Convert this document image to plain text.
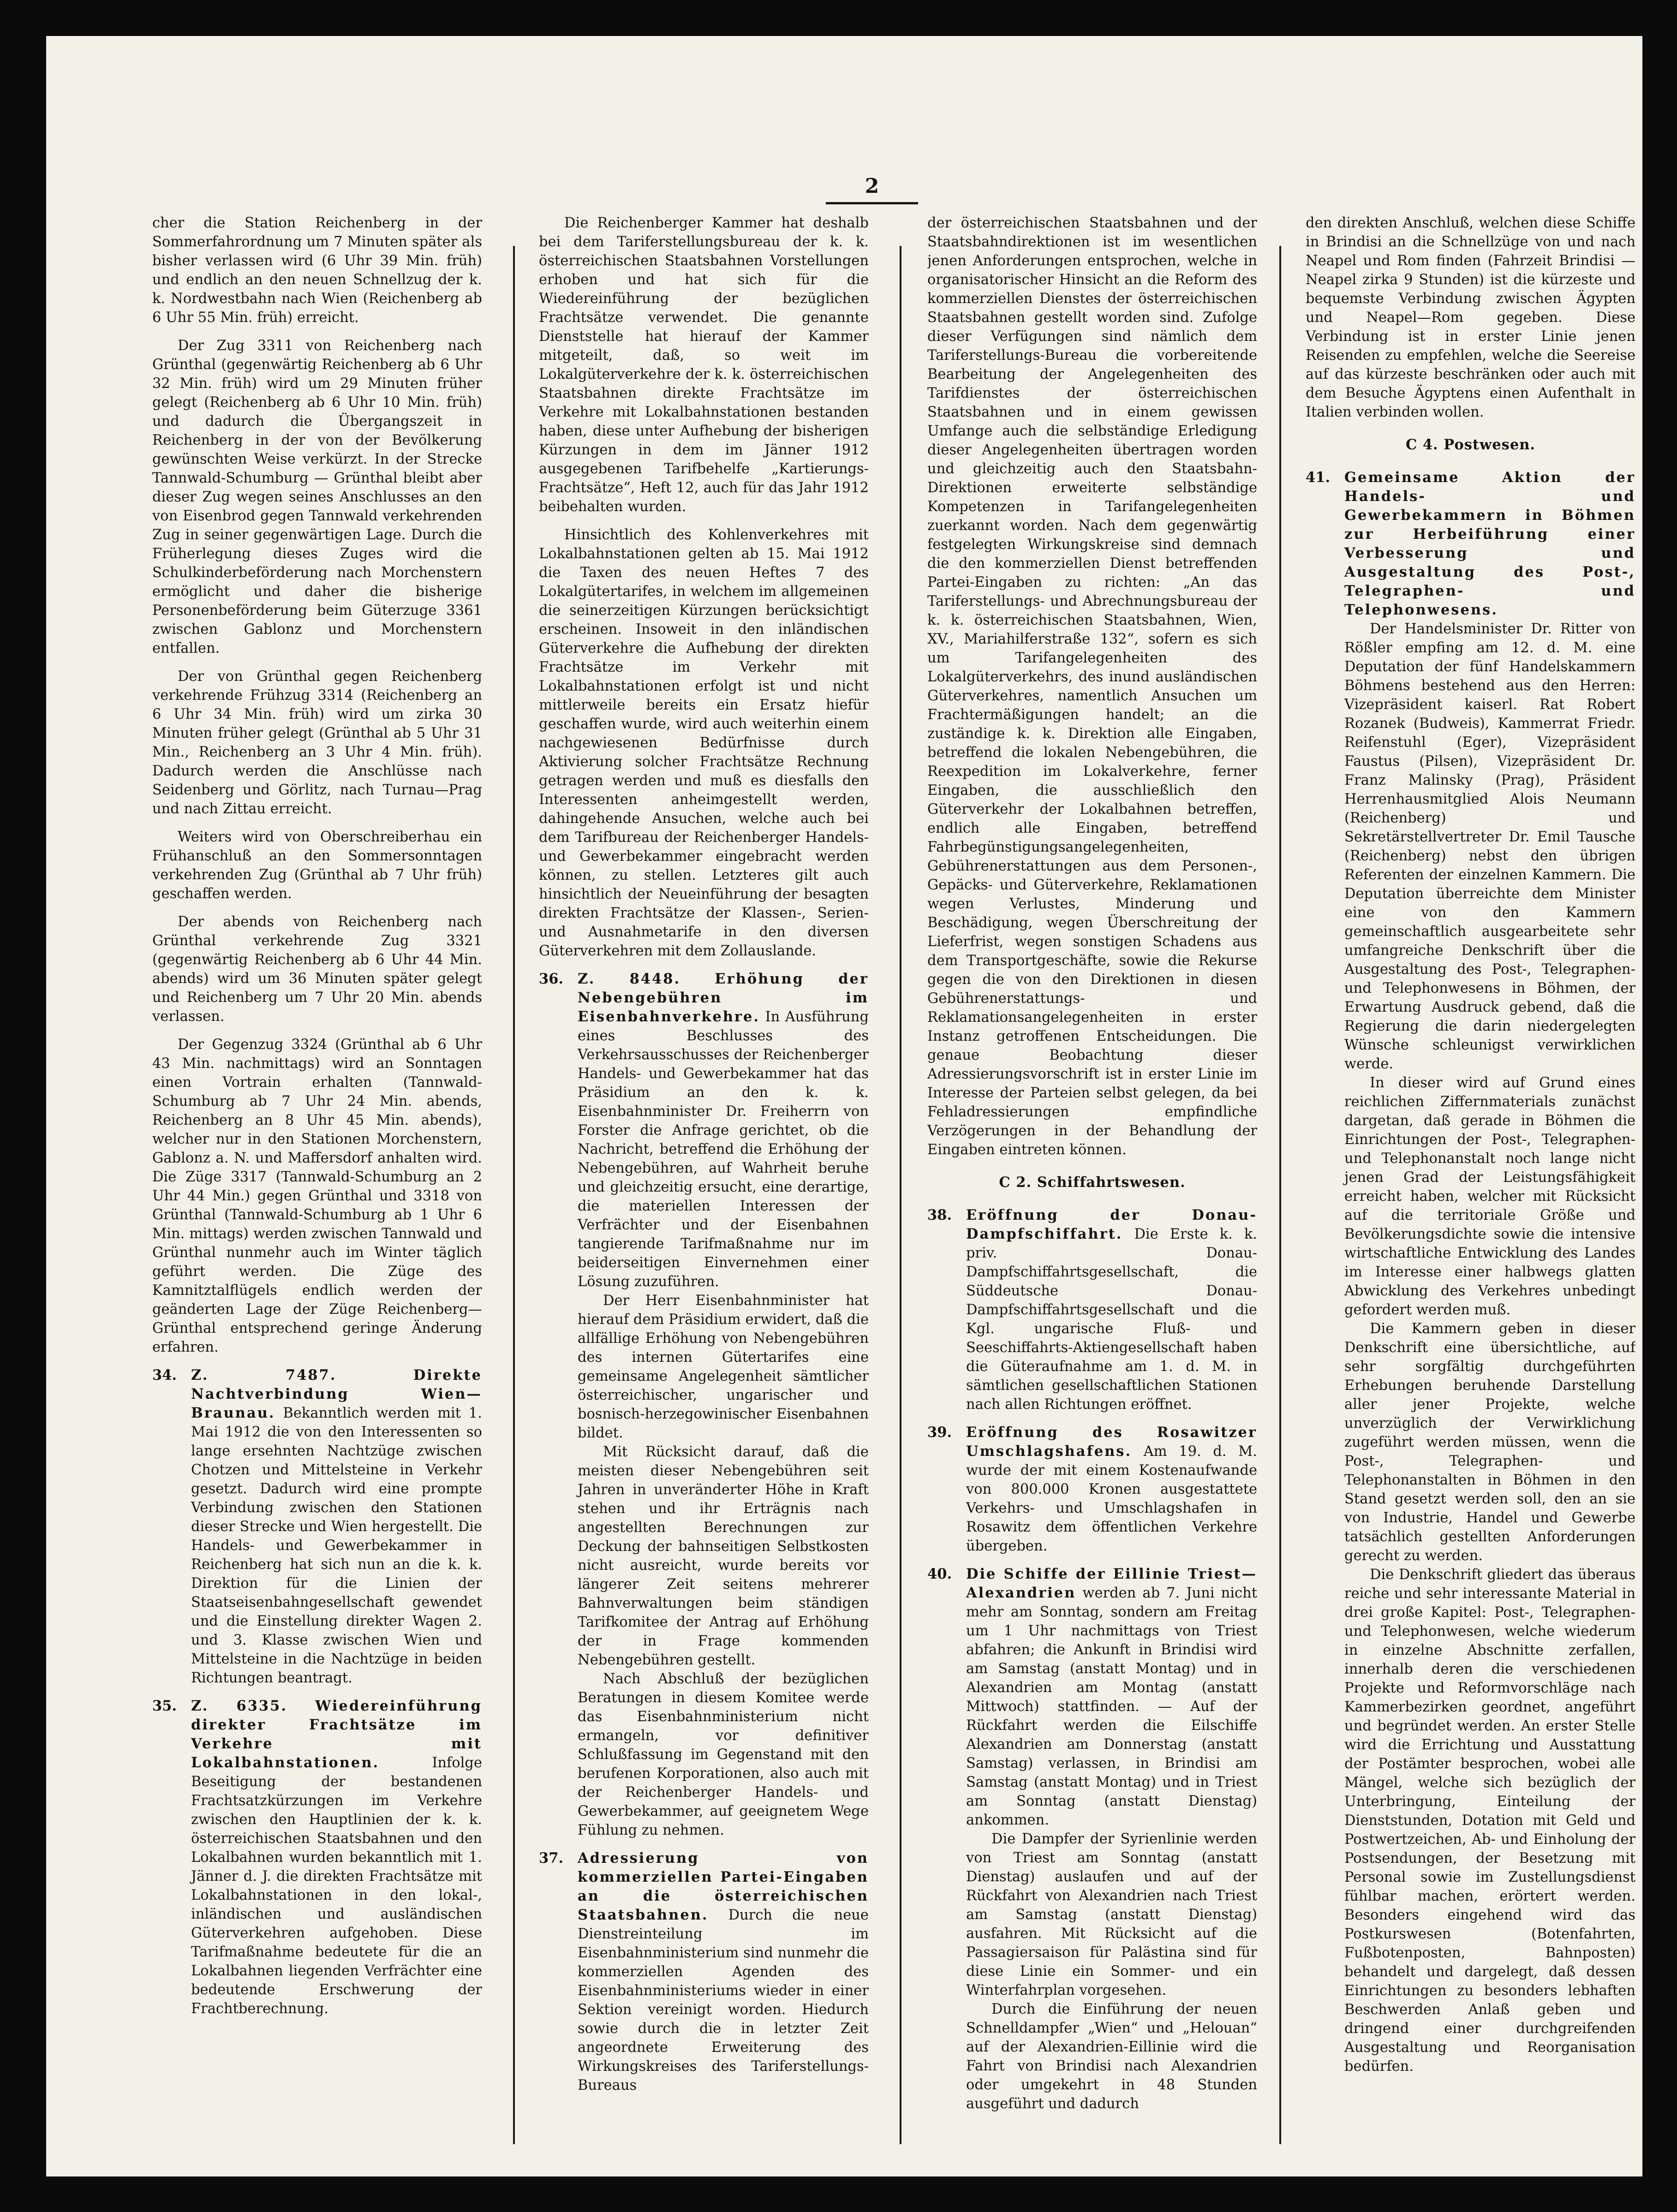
2

cher die Station Reichenberg in der Sommerfahrordnung um 7 Minuten später als bisher verlassen wird (6 Uhr 39 Min. früh) und endlich an den neuen Schnellzug der k. k. Nordwestbahn nach Wien (Reichenberg ab 6 Uhr 55 Min. früh) erreicht.

Der Zug 3311 von Reichenberg nach Grünthal (gegenwärtig Reichenberg ab 6 Uhr 32 Min. früh) wird um 29 Minuten früher gelegt (Reichenberg ab 6 Uhr 10 Min. früh) und dadurch die Übergangszeit in Reichenberg in der von der Bevölkerung gewünschten Weise verkürzt. In der Strecke Tannwald-Schumburg — Grünthal bleibt aber dieser Zug wegen seines Anschlusses an den von Eisenbrod gegen Tannwald verkehrenden Zug in seiner gegenwärtigen Lage. Durch die Früherlegung dieses Zuges wird die Schulkinderbeförderung nach Morchenstern ermöglicht und daher die bisherige Personenbeförderung beim Güterzuge 3361 zwischen Gablonz und Morchenstern entfallen.

Der von Grünthal gegen Reichenberg verkehrende Frühzug 3314 (Reichenberg an 6 Uhr 34 Min. früh) wird um zirka 30 Minuten früher gelegt (Grünthal ab 5 Uhr 31 Min., Reichenberg an 3 Uhr 4 Min. früh). Dadurch werden die Anschlüsse nach Seidenberg und Görlitz, nach Turnau—Prag und nach Zittau erreicht.

Weiters wird von Oberschreiberhau ein Frühanschluß an den Sommersonntagen verkehrenden Zug (Grünthal ab 7 Uhr früh) geschaffen werden.

Der abends von Reichenberg nach Grünthal verkehrende Zug 3321 (gegenwärtig Reichenberg ab 6 Uhr 44 Min. abends) wird um 36 Minuten später gelegt und Reichenberg um 7 Uhr 20 Min. abends verlassen.

Der Gegenzug 3324 (Grünthal ab 6 Uhr 43 Min. nachmittags) wird an Sonntagen einen Vortrain erhalten (Tannwald-Schumburg ab 7 Uhr 24 Min. abends, Reichenberg an 8 Uhr 45 Min. abends), welcher nur in den Stationen Morchenstern, Gablonz a. N. und Maffersdorf anhalten wird. Die Züge 3317 (Tannwald-Schumburg an 2 Uhr 44 Min.) gegen Grünthal und 3318 von Grünthal (Tannwald-Schumburg ab 1 Uhr 6 Min. mittags) werden zwischen Tannwald und Grünthal nunmehr auch im Winter täglich geführt werden. Die Züge des Kamnitztalflügels endlich werden der geänderten Lage der Züge Reichenberg—Grünthal entsprechend geringe Änderung erfahren.

34.	Z. 7487. Direkte Nachtverbindung Wien—Braunau. Bekanntlich werden mit 1. Mai 1912 die von den Interessenten so lange ersehnten Nachtzüge zwischen Chotzen und Mittelsteine in Verkehr gesetzt. Dadurch wird eine prompte Verbindung zwischen den Stationen dieser Strecke und Wien hergestellt. Die Handels- und Gewerbekammer in Reichenberg hat sich nun an die k. k. Direktion für die Linien der Staatseisenbahngesellschaft gewendet und die Einstellung direkter Wagen 2. und 3. Klasse zwischen Wien und Mittelsteine in die Nachtzüge in beiden Richtungen beantragt.

35.	Z. 6335. Wiedereinführung direkter Frachtsätze im Verkehre mit Lokalbahnstationen.	Infolge Beseitigung der bestandenen Frachtsatzkürzungen im Verkehre zwischen den Hauptlinien der k. k. österreichischen Staatsbahnen und den Lokalbahnen wurden bekanntlich mit 1. Jänner d. J. die direkten Frachtsätze mit Lokalbahnstationen in den lokal-, inländischen und ausländischen Güterverkehren aufgehoben. Diese Tarifmaßnahme bedeutete für die an Lokalbahnen liegenden Verfrächter eine bedeutende Erschwerung der Frachtberechnung.

Die Reichenberger Kammer hat deshalb bei dem Tariferstellungsbureau der k. k. österreichischen Staatsbahnen Vorstellungen erhoben und hat sich für die Wiedereinführung der bezüglichen Frachtsätze verwendet. Die genannte Dienststelle hat hierauf der Kammer mitgeteilt, daß, so weit im Lokalgüterverkehre der k. k. österreichischen Staatsbahnen direkte Frachtsätze im Verkehre mit Lokalbahnstationen bestanden haben, diese unter Aufhebung der bisherigen Kürzungen in dem im Jänner 1912 ausgegebenen Tarifbehelfe „Kartierungs-Frachtsätze“, Heft 12, auch für das Jahr 1912 beibehalten wurden.

Hinsichtlich des Kohlenverkehres mit Lokalbahnstationen gelten ab 15. Mai 1912 die Taxen des neuen Heftes 7 des Lokalgütertarifes, in welchem im allgemeinen die seinerzeitigen Kürzungen berücksichtigt erscheinen. Insoweit in den inländischen Güterverkehre die Aufhebung der direkten Frachtsätze im Verkehr mit Lokalbahnstationen erfolgt ist und nicht mittlerweile bereits ein Ersatz hiefür geschaffen wurde, wird auch weiterhin einem nachgewiesenen Bedürfnisse durch Aktivierung solcher Frachtsätze Rechnung getragen werden und muß es diesfalls den Interessenten anheimgestellt werden, dahingehende Ansuchen, welche auch bei dem Tarifbureau der Reichenberger Handels- und Gewerbekammer eingebracht werden können, zu stellen. Letzteres gilt auch hinsichtlich der Neueinführung der besagten direkten Frachtsätze der Klassen-, Serien- und Ausnahmetarife in den diversen Güterverkehren mit dem Zollauslande.

36.	Z. 8448. Erhöhung der Nebengebühren im Eisenbahnverkehre. In Ausführung eines Beschlusses des Verkehrsausschusses der Reichenberger Handels- und Gewerbekammer hat das Präsidium an den k. k. Eisenbahnminister Dr. Freiherrn von Forster die Anfrage gerichtet, ob die Nachricht, betreffend die Erhöhung der Nebengebühren, auf Wahrheit beruhe und gleichzeitig ersucht, eine derartige, die materiellen Interessen der Verfrächter und der Eisenbahnen tangierende Tarifmaßnahme nur im beiderseitigen Einvernehmen einer Lösung zuzuführen.

Der Herr Eisenbahnminister hat hierauf dem Präsidium erwidert, daß die allfällige Erhöhung von Nebengebühren des internen Gütertarifes eine gemeinsame Angelegenheit sämtlicher österreichischer, ungarischer und bosnisch-herzegowinischer Eisenbahnen bildet.

Mit Rücksicht darauf, daß die meisten dieser Nebengebühren seit Jahren in unveränderter Höhe in Kraft stehen und ihr Erträgnis nach angestellten Berechnungen zur Deckung der bahnseitigen Selbstkosten nicht ausreicht, wurde bereits vor längerer Zeit seitens mehrerer Bahnverwaltungen beim ständigen Tarifkomitee der Antrag auf Erhöhung der in Frage kommenden Nebengebühren gestellt.

Nach Abschluß der bezüglichen Beratungen in diesem Komitee werde das Eisenbahnministerium nicht ermangeln, vor definitiver Schlußfassung im Gegenstand mit den berufenen Korporationen, also auch mit der Reichenberger Handels- und Gewerbekammer, auf geeignetem Wege Fühlung zu nehmen.

37.	Adressierung von kommerziellen Partei-Eingaben an die österreichischen Staatsbahnen. Durch die neue Dienstreinteilung im Eisenbahnministerium sind nunmehr die kommerziellen Agenden des Eisenbahnministeriums wieder in einer Sektion vereinigt worden. Hiedurch sowie durch die in letzter Zeit angeordnete Erweiterung des Wirkungskreises des Tariferstellungs-Bureaus

der österreichischen Staatsbahnen und der Staatsbahndirektionen ist im wesentlichen jenen Anforderungen entsprochen, welche in organisatorischer Hinsicht an die Reform des kommerziellen Dienstes der österreichischen Staatsbahnen gestellt worden sind. Zufolge dieser Verfügungen sind nämlich dem Tariferstellungs-Bureau die vorbereitende Bearbeitung der Angelegenheiten des Tarifdienstes der österreichischen Staatsbahnen und in einem gewissen Umfange auch die selbständige Erledigung dieser Angelegenheiten übertragen worden und gleichzeitig auch den Staatsbahn-Direktionen erweiterte selbständige Kompetenzen in Tarifangelegenheiten zuerkannt worden. Nach dem gegenwärtig festgelegten Wirkungskreise sind demnach die den kommerziellen Dienst betreffenden Partei-Eingaben zu richten: „An das Tariferstellungs- und Abrechnungsbureau der k. k. österreichischen Staatsbahnen, Wien, XV., Mariahilferstraße 132“, sofern es sich um Tarifangelegenheiten des Lokalgüterverkehrs, des inund ausländischen Güterverkehres, namentlich Ansuchen um Frachtermäßigungen handelt; an die zuständige k. k. Direktion alle Eingaben, betreffend die lokalen Nebengebühren, die Reexpedition im Lokalverkehre, ferner Eingaben, die ausschließlich den Güterverkehr der Lokalbahnen betreffen, endlich alle Eingaben, betreffend Fahrbegünstigungsangelegenheiten, Gebührenerstattungen aus dem Personen-, Gepäcks- und Güterverkehre, Reklamationen wegen Verlustes, Minderung und Beschädigung, wegen Überschreitung der Lieferfrist, wegen sonstigen Schadens aus dem Transportgeschäfte, sowie die Rekurse gegen die von den Direktionen in diesen Gebührenerstattungs- und Reklamationsangelegenheiten in erster Instanz getroffenen Entscheidungen. Die genaue Beobachtung dieser Adressierungsvorschrift ist in erster Linie im Interesse der Parteien selbst gelegen, da bei Fehladressierungen empfindliche Verzögerungen in der Behandlung der Eingaben eintreten können.

C 2. Schiffahrtswesen.
38.	Eröffnung der Donau-Dampfschiffahrt. Die Erste k. k. priv. Donau-Dampfschiffahrtsgesellschaft, die Süddeutsche Donau-Dampfschiffahrtsgesellschaft und die Kgl. ungarische Fluß- und Seeschiffahrts-Aktiengesellschaft haben die Güteraufnahme am 1. d. M. in sämtlichen gesellschaftlichen Stationen nach allen Richtungen eröffnet.

39.	Eröffnung des Rosawitzer Umschlagshafens. Am 19. d. M. wurde der mit einem Kostenaufwande von 800.000 Kronen ausgestattete Verkehrs- und Umschlagshafen in Rosawitz dem öffentlichen Verkehre übergeben.

40.	Die Schiffe der Eillinie Triest—Alexandrien werden ab 7. Juni nicht mehr am Sonntag, sondern am Freitag um 1 Uhr nachmittags von Triest abfahren; die Ankunft in Brindisi wird am Samstag (anstatt Montag) und in Alexandrien am Montag (anstatt Mittwoch) stattfinden. — Auf der Rückfahrt werden die Eilschiffe Alexandrien am Donnerstag (anstatt Samstag) verlassen, in Brindisi am Samstag (anstatt Montag) und in Triest am Sonntag (anstatt Dienstag) ankommen.

Die Dampfer der Syrienlinie werden von Triest am Sonntag (anstatt Dienstag) auslaufen und auf der Rückfahrt von Alexandrien nach Triest am Samstag (anstatt Dienstag) ausfahren. Mit Rücksicht auf die Passagiersaison für Palästina sind für diese Linie ein Sommer- und ein Winterfahrplan vorgesehen.

Durch die Einführung der neuen Schnelldampfer „Wien“ und „Helouan“ auf der Alexandrien-Eillinie wird die Fahrt von Brindisi nach Alexandrien oder umgekehrt in 48 Stunden ausgeführt und dadurch

den direkten Anschluß, welchen diese Schiffe in Brindisi an die Schnellzüge von und nach Neapel und Rom finden (Fahrzeit Brindisi —Neapel zirka 9 Stunden) ist die kürzeste und bequemste Verbindung zwischen Ägypten und Neapel—Rom gegeben. Diese Verbindung ist in erster Linie jenen Reisenden zu empfehlen, welche die Seereise auf das kürzeste beschränken oder auch mit dem Besuche Ägyptens einen Aufenthalt in Italien verbinden wollen.

C 4. Postwesen.
41.	Gemeinsame Aktion der Handels- und Gewerbekammern in Böhmen zur Herbeiführung einer Verbesserung und Ausgestaltung des Post-, Telegraphen- und Telephonwesens.

Der Handelsminister Dr. Ritter von Rößler empfing am 12. d. M. eine Deputation der fünf Handelskammern Böhmens bestehend aus den Herren: Vizepräsident kaiserl. Rat Robert Rozanek (Budweis), Kammerrat Friedr. Reifenstuhl (Eger), Vizepräsident Faustus (Pilsen), Vizepräsident Dr. Franz Malinsky (Prag), Präsident Herrenhausmitglied Alois Neumann (Reichenberg) und Sekretärstellvertreter Dr. Emil Tausche (Reichenberg) nebst den übrigen Referenten der einzelnen Kammern. Die Deputation überreichte dem Minister eine von den Kammern gemeinschaftlich ausgearbeitete sehr umfangreiche Denkschrift über die Ausgestaltung des Post-, Telegraphen- und Telephonwesens in Böhmen, der Erwartung Ausdruck gebend, daß die Regierung die darin niedergelegten Wünsche schleunigst verwirklichen werde.

In dieser wird auf Grund eines reichlichen Ziffernmaterials zunächst dargetan, daß gerade in Böhmen die Einrichtungen der Post-, Telegraphen- und Telephonanstalt noch lange nicht jenen Grad der Leistungsfähigkeit erreicht haben, welcher mit Rücksicht auf die territoriale Größe und Bevölkerungsdichte sowie die intensive wirtschaftliche Entwicklung des Landes im Interesse einer halbwegs glatten Abwicklung des Verkehres unbedingt gefordert werden muß.

Die Kammern geben in dieser Denkschrift eine übersichtliche, auf sehr sorgfältig durchgeführten Erhebungen beruhende Darstellung aller jener Projekte, welche unverzüglich der Verwirklichung zugeführt werden müssen, wenn die Post-, Telegraphen- und Telephonanstalten in Böhmen in den Stand gesetzt werden soll, den an sie von Industrie, Handel und Gewerbe tatsächlich gestellten Anforderungen gerecht zu werden.

Die Denkschrift gliedert das überaus reiche und sehr interessante Material in drei große Kapitel: Post-, Telegraphen- und Telephonwesen, welche wiederum in einzelne Abschnitte zerfallen, innerhalb deren die verschiedenen Projekte und Reformvorschläge nach Kammerbezirken geordnet, angeführt und begründet werden. An erster Stelle wird die Errichtung und Ausstattung der Postämter besprochen, wobei alle Mängel, welche sich bezüglich der Unterbringung, Einteilung der Dienststunden, Dotation mit Geld und Postwertzeichen, Ab- und Einholung der Postsendungen, der Besetzung mit Personal sowie im Zustellungsdienst fühlbar machen, erörtert werden. Besonders eingehend wird das Postkurswesen (Botenfahrten, Fußbotenposten, Bahnposten) behandelt und dargelegt, daß dessen Einrichtungen zu besonders lebhaften Beschwerden Anlaß geben und dringend einer durchgreifenden Ausgestaltung und Reorganisation bedürfen.
